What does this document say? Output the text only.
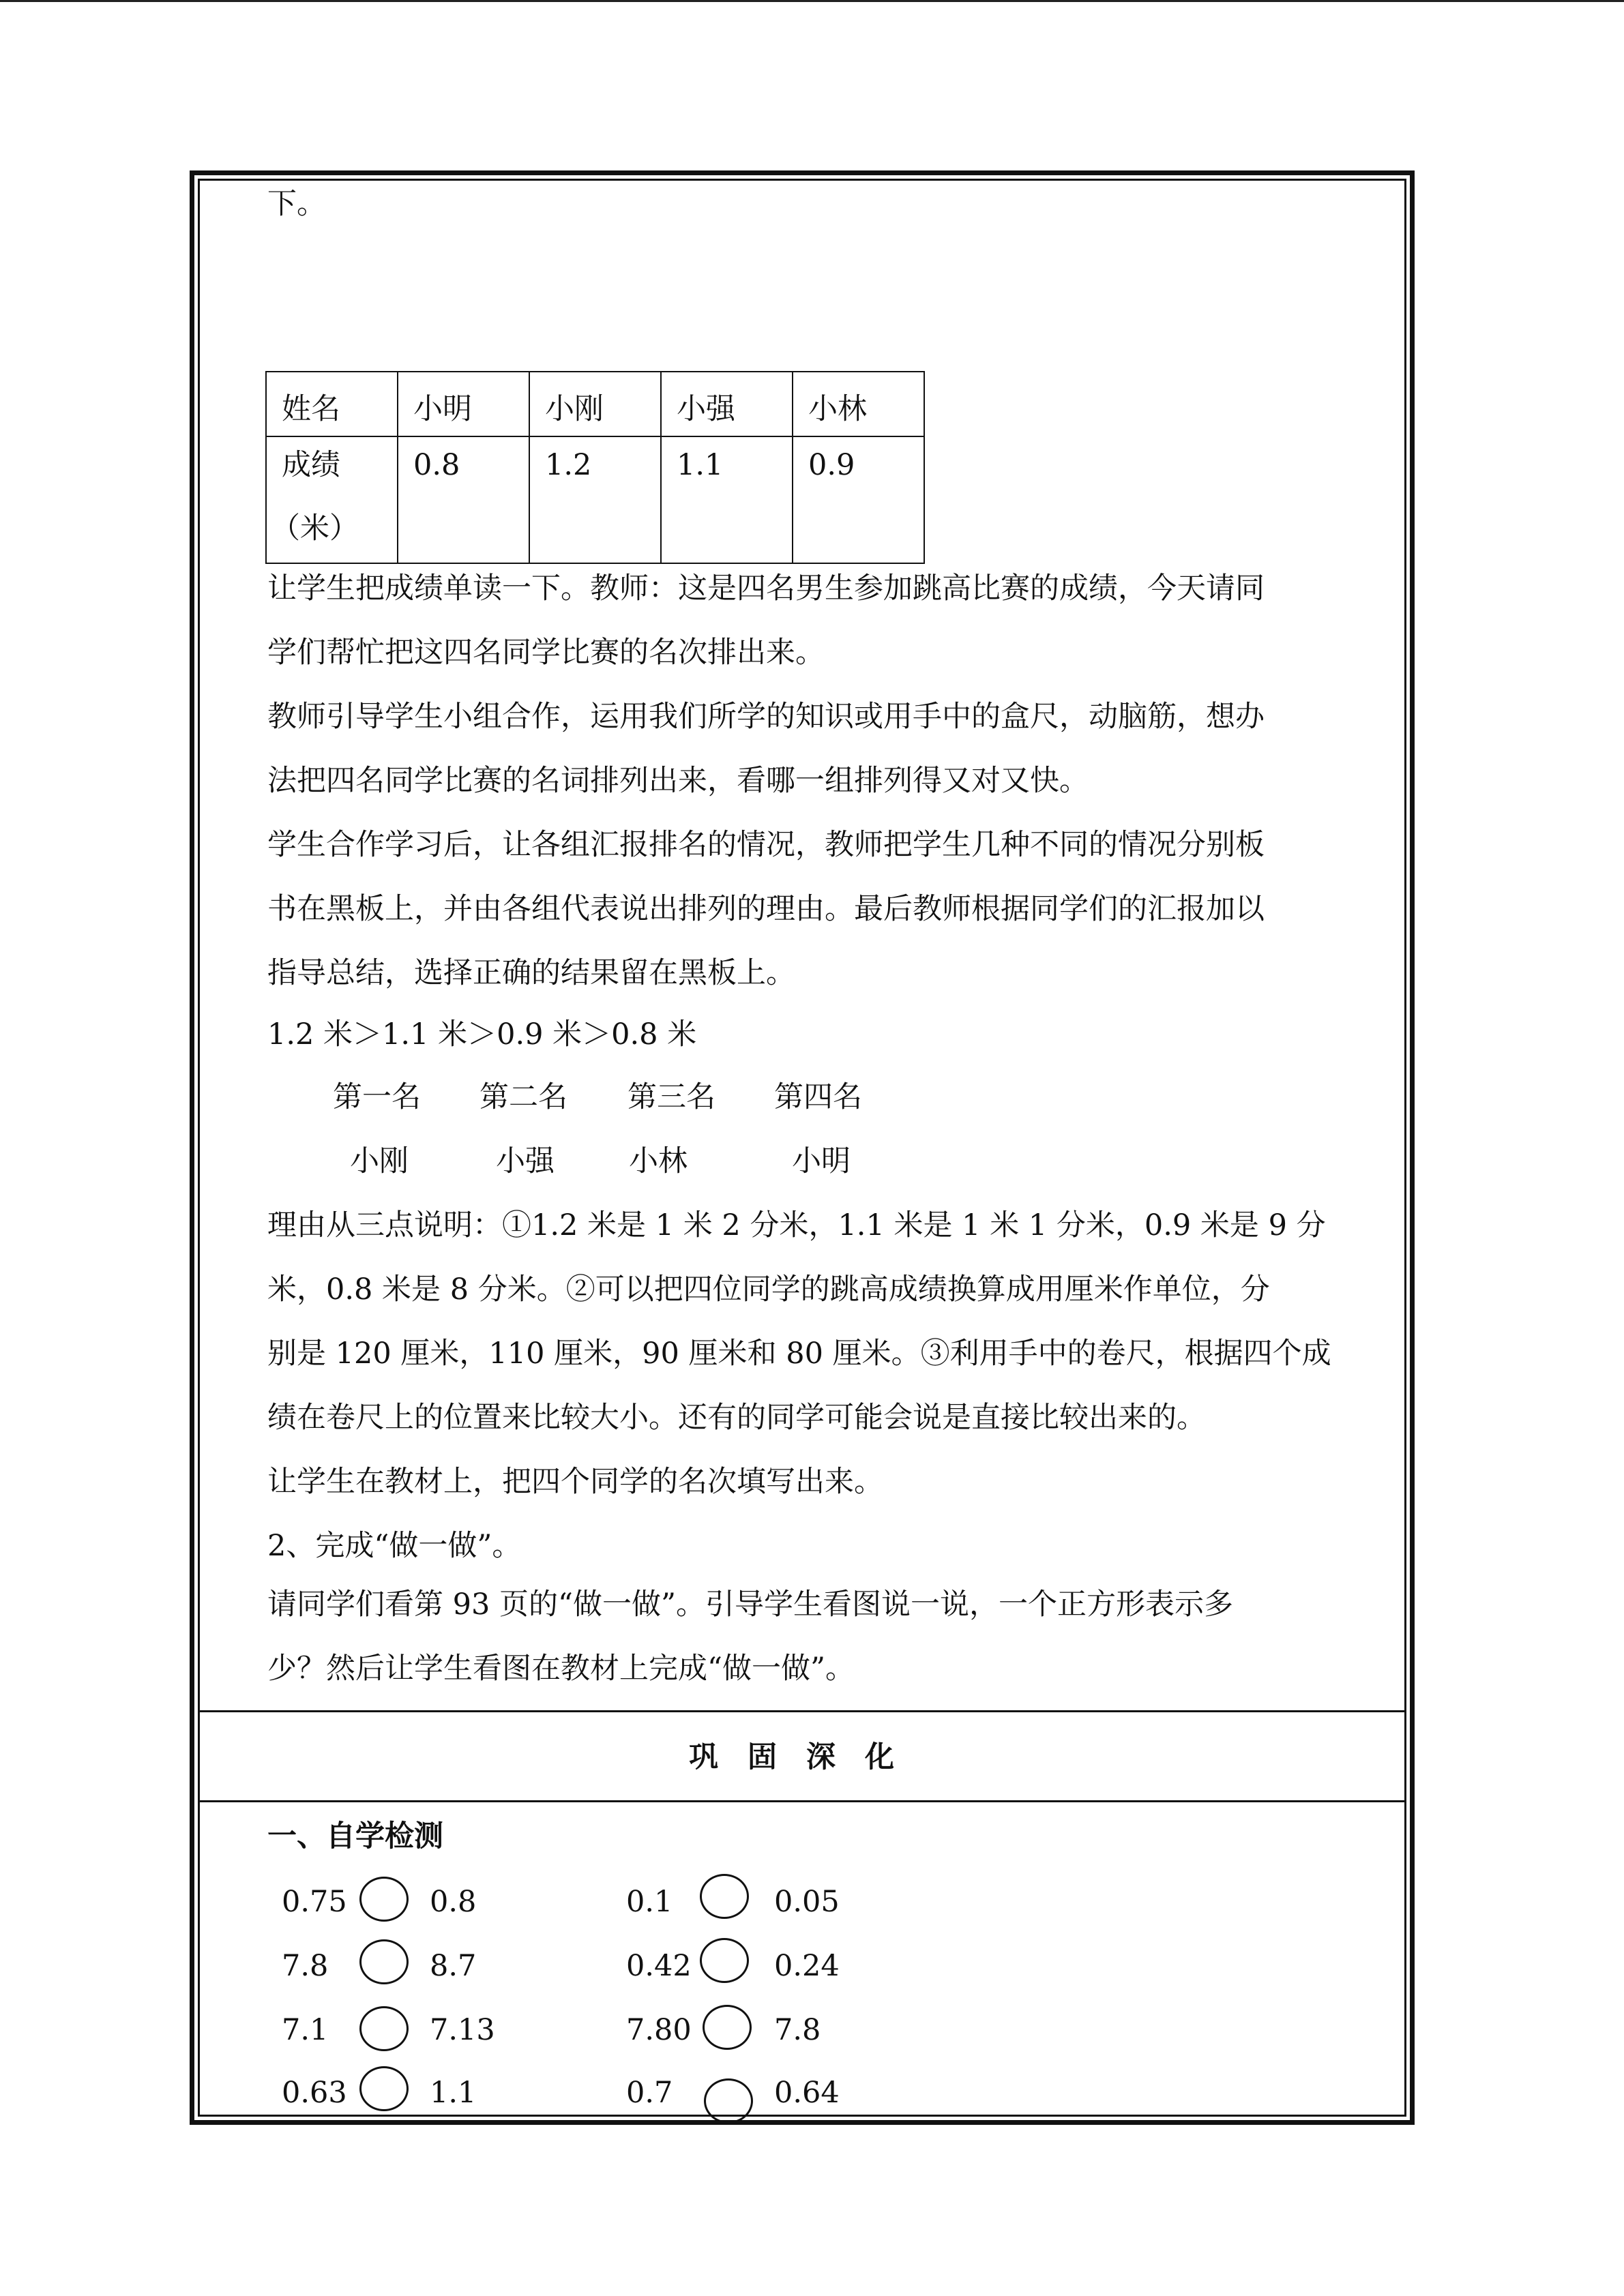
下。
姓名	小明	小刚	小强	小林

成绩
（米）	0.8	1.2	1.1	0.9
让学生把成绩单读一下。教师：这是四名男生参加跳高比赛的成绩，今天请同
学们帮忙把这四名同学比赛的名次排出来。
教师引导学生小组合作，运用我们所学的知识或用手中的盒尺，动脑筋，想办
法把四名同学比赛的名词排列出来，看哪一组排列得又对又快。
学生合作学习后，让各组汇报排名的情况，教师把学生几种不同的情况分别板
书在黑板上，并由各组代表说出排列的理由。最后教师根据同学们的汇报加以
指导总结，选择正确的结果留在黑板上。
1.2 米＞1.1 米＞0.9 米＞0.8 米
第一名 第二名 第三名 第四名
小刚	小强	小林	小明
理由从三点说明：①1.2 米是 1 米 2 分米，1.1 米是 1 米 1 分米，0.9 米是 9 分
米，0.8 米是 8 分米。②可以把四位同学的跳高成绩换算成用厘米作单位，分
别是 120 厘米，110 厘米，90 厘米和 80 厘米。③利用手中的卷尺，根据四个成
绩在卷尺上的位置来比较大小。还有的同学可能会说是直接比较出来的。
让学生在教材上，把四个同学的名次填写出来。
2、完成“做一做”。
请同学们看第 93 页的“做一做”。引导学生看图说一说，一个正方形表示多
少？然后让学生看图在教材上完成“做一做”。
巩　固　深　化
一、自学检测
0.75	0.8	0.1	0.05
7.8	8.7	0.42	0.24
7.1	7.13	7.80	7.8
0.63	1.1	0.7	0.64
